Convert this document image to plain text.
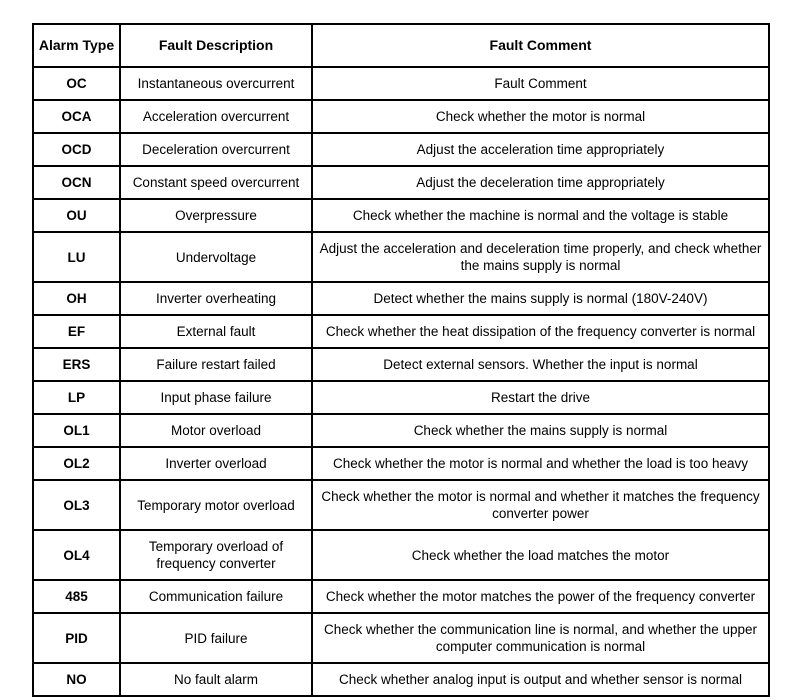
Alarm Type	Fault Description	Fault Comment
OC	Instantaneous overcurrent	Fault Comment
OCA	Acceleration overcurrent	Check whether the motor is normal
OCD	Deceleration overcurrent	Adjust the acceleration time appropriately
OCN	Constant speed overcurrent	Adjust the deceleration time appropriately
OU	Overpressure	Check whether the machine is normal and the voltage is stable
LU	Undervoltage	Adjust the acceleration and deceleration time properly, and check whether the mains supply is normal
OH	Inverter overheating	Detect whether the mains supply is normal (180V-240V)
EF	External fault	Check whether the heat dissipation of the frequency converter is normal
ERS	Failure restart failed	Detect external sensors. Whether the input is normal
LP	Input phase failure	Restart the drive
OL1	Motor overload	Check whether the mains supply is normal
OL2	Inverter overload	Check whether the motor is normal and whether the load is too heavy
OL3	Temporary motor overload	Check whether the motor is normal and whether it matches the frequency converter power
OL4	Temporary overload of frequency converter	Check whether the load matches the motor
485	Communication failure	Check whether the motor matches the power of the frequency converter
PID	PID failure	Check whether the communication line is normal, and whether the upper computer communication is normal
NO	No fault alarm	Check whether analog input is output and whether sensor is normal
